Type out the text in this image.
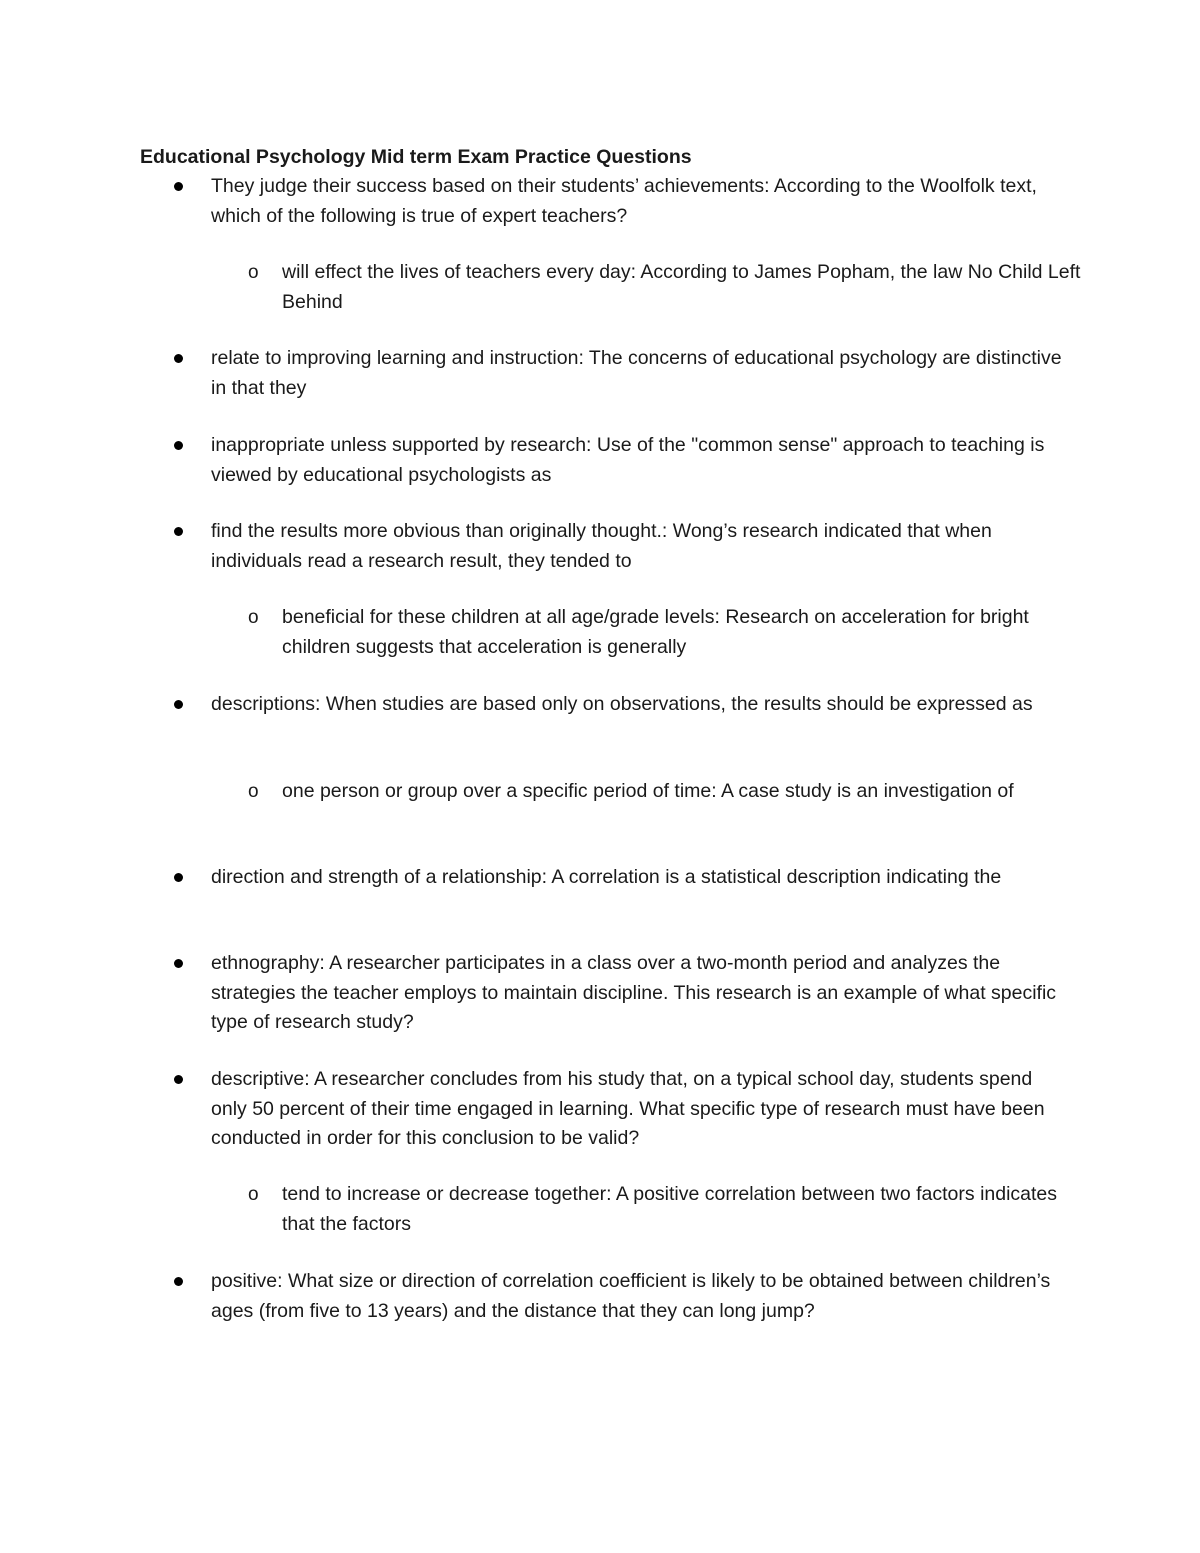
Educational Psychology Mid term Exam Practice Questions

They judge their success based on their students’ achievements: According to the Woolfolk text, which of the following is true of expert teachers?

o will effect the lives of teachers every day: According to James Popham, the law No Child Left Behind

relate to improving learning and instruction: The concerns of educational psychology are distinctive in that they

inappropriate unless supported by research: Use of the "common sense" approach to teaching is viewed by educational psychologists as

find the results more obvious than originally thought.: Wong’s research indicated that when individuals read a research result, they tended to

o beneficial for these children at all age/grade levels: Research on acceleration for bright children suggests that acceleration is generally

descriptions: When studies are based only on observations, the results should be expressed as

o one person or group over a specific period of time: A case study is an investigation of

direction and strength of a relationship: A correlation is a statistical description indicating the

ethnography: A researcher participates in a class over a two-month period and analyzes the strategies the teacher employs to maintain discipline. This research is an example of what specific type of research study?

descriptive: A researcher concludes from his study that, on a typical school day, students spend only 50 percent of their time engaged in learning. What specific type of research must have been conducted in order for this conclusion to be valid?

o tend to increase or decrease together: A positive correlation between two factors indicates that the factors

positive: What size or direction of correlation coefficient is likely to be obtained between children’s ages (from five to 13 years) and the distance that they can long jump?
